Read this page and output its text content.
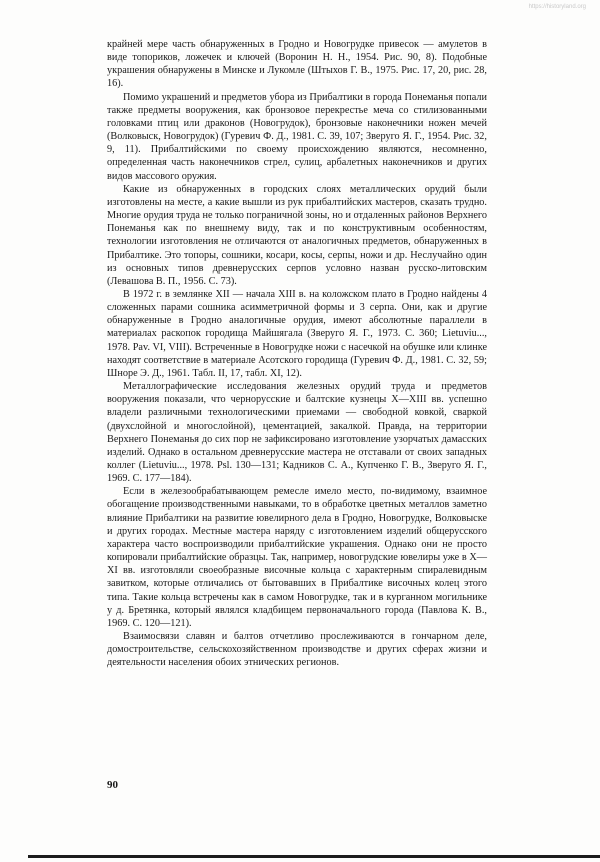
https://historyland.org

крайней мере часть обнаруженных в Гродно и Новогрудке привесок — амулетов в виде топориков, ложечек и ключей (Воронин Н. Н., 1954. Рис. 90, 8). Подобные украшения обнаружены в Минске и Лукомле (Штыхов Г. В., 1975. Рис. 17, 20, рис. 28, 16).

Помимо украшений и предметов убора из Прибалтики в города Понеманья попали также предметы вооружения, как бронзовое перекрестье меча со стилизованными головками птиц или драконов (Новогрудок), бронзовые наконечники ножен мечей (Волковыск, Новогрудок) (Гуревич Ф. Д., 1981. С. 39, 107; Зверуго Я. Г., 1954. Рис. 32, 9, 11). Прибалтийскими по своему происхождению являются, несомненно, определенная часть наконечников стрел, сулиц, арбалетных наконечников и других видов массового оружия.

Какие из обнаруженных в городских слоях металлических орудий были изготовлены на месте, а какие вышли из рук прибалтийских мастеров, сказать трудно. Многие орудия труда не только пограничной зоны, но и отдаленных районов Верхнего Понеманья как по внешнему виду, так и по конструктивным особенностям, технологии изготовления не отличаются от аналогичных предметов, обнаруженных в Прибалтике. Это топоры, сошники, косари, косы, серпы, ножи и др. Неслучайно один из основных типов древнерусских серпов условно назван русско-литовским (Левашова В. П., 1956. С. 73).

В 1972 г. в землянке XII — начала XIII в. на коложском плато в Гродно найдены 4 сложенных парами сошника асимметричной формы и 3 серпа. Они, как и другие обнаруженные в Гродно аналогичные орудия, имеют абсолютные параллели в материалах раскопок городища Майшягала (Зверуго Я. Г., 1973. С. 360; Lietuviu..., 1978. Pav. VI, VIII). Встреченные в Новогрудке ножи с насечкой на обушке или клинке находят соответствие в материале Асотского городища (Гуревич Ф. Д., 1981. С. 32, 59; Шноре Э. Д., 1961. Табл. II, 17, табл. XI, 12).

Металлографические исследования железных орудий труда и предметов вооружения показали, что чернорусские и балтские кузнецы X—XIII вв. успешно владели различными технологическими приемами — свободной ковкой, сваркой (двухслойной и многослойной), цементацией, закалкой. Правда, на территории Верхнего Понеманья до сих пор не зафиксировано изготовление узорчатых дамасских изделий. Однако в остальном древнерусские мастера не отставали от своих западных коллег (Lietuviu..., 1978. Psl. 130—131; Кадников С. А., Купченко Г. В., Зверуго Я. Г., 1969. С. 177—184).

Если в железообрабатывающем ремесле имело место, по-видимому, взаимное обогащение производственными навыками, то в обработке цветных металлов заметно влияние Прибалтики на развитие ювелирного дела в Гродно, Новогрудке, Волковыске и других городах. Местные мастера наряду с изготовлением изделий общерусского характера часто воспроизводили прибалтийские украшения. Однако они не просто копировали прибалтийские образцы. Так, например, новогрудские ювелиры уже в X—XI вв. изготовляли своеобразные височные кольца с характерным спиралевидным завитком, которые отличались от бытовавших в Прибалтике височных колец этого типа. Такие кольца встречены как в самом Новогрудке, так и в курганном могильнике у д. Бретянка, который являлся кладбищем первоначального города (Павлова К. В., 1969. С. 120—121).

Взаимосвязи славян и балтов отчетливо прослеживаются в гончарном деле, домостроительстве, сельскохозяйственном производстве и других сферах жизни и деятельности населения обоих этнических регионов.

90
